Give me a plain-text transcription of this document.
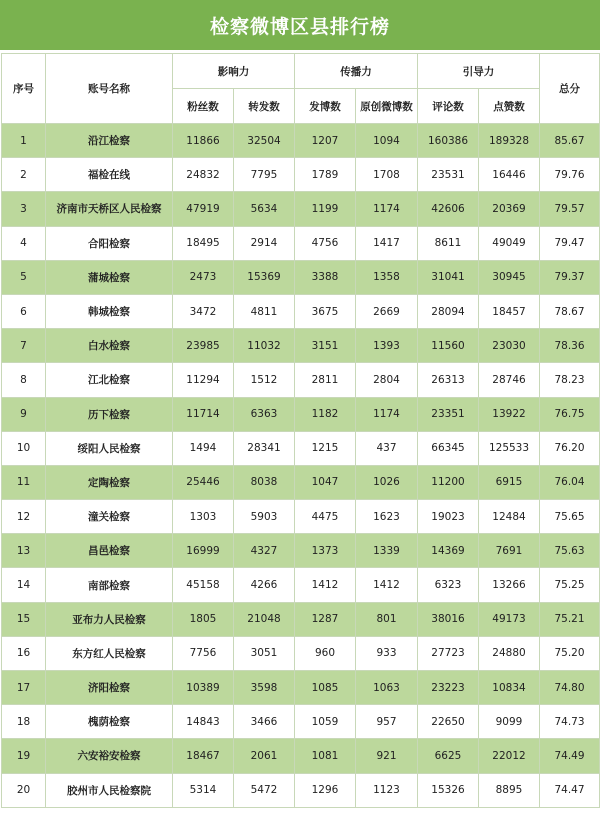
检察微博区县排行榜
序号	账号名称	影响力		传播力		引导力		总分
		粉丝数	转发数	发博数	原创微博数	评论数	点赞数	
1	沿江检察	11866	32504	1207	1094	160386	189328	85.67
2	福检在线	24832	7795	1789	1708	23531	16446	79.76
3	济南市天桥区人民检察	47919	5634	1199	1174	42606	20369	79.57
4	合阳检察	18495	2914	4756	1417	8611	49049	79.47
5	蒲城检察	2473	15369	3388	1358	31041	30945	79.37
6	韩城检察	3472	4811	3675	2669	28094	18457	78.67
7	白水检察	23985	11032	3151	1393	11560	23030	78.36
8	江北检察	11294	1512	2811	2804	26313	28746	78.23
9	历下检察	11714	6363	1182	1174	23351	13922	76.75
10	绥阳人民检察	1494	28341	1215	437	66345	125533	76.20
11	定陶检察	25446	8038	1047	1026	11200	6915	76.04
12	潼关检察	1303	5903	4475	1623	19023	12484	75.65
13	昌邑检察	16999	4327	1373	1339	14369	7691	75.63
14	南部检察	45158	4266	1412	1412	6323	13266	75.25
15	亚布力人民检察	1805	21048	1287	801	38016	49173	75.21
16	东方红人民检察	7756	3051	960	933	27723	24880	75.20
17	济阳检察	10389	3598	1085	1063	23223	10834	74.80
18	槐荫检察	14843	3466	1059	957	22650	9099	74.73
19	六安裕安检察	18467	2061	1081	921	6625	22012	74.49
20	胶州市人民检察院	5314	5472	1296	1123	15326	8895	74.47
